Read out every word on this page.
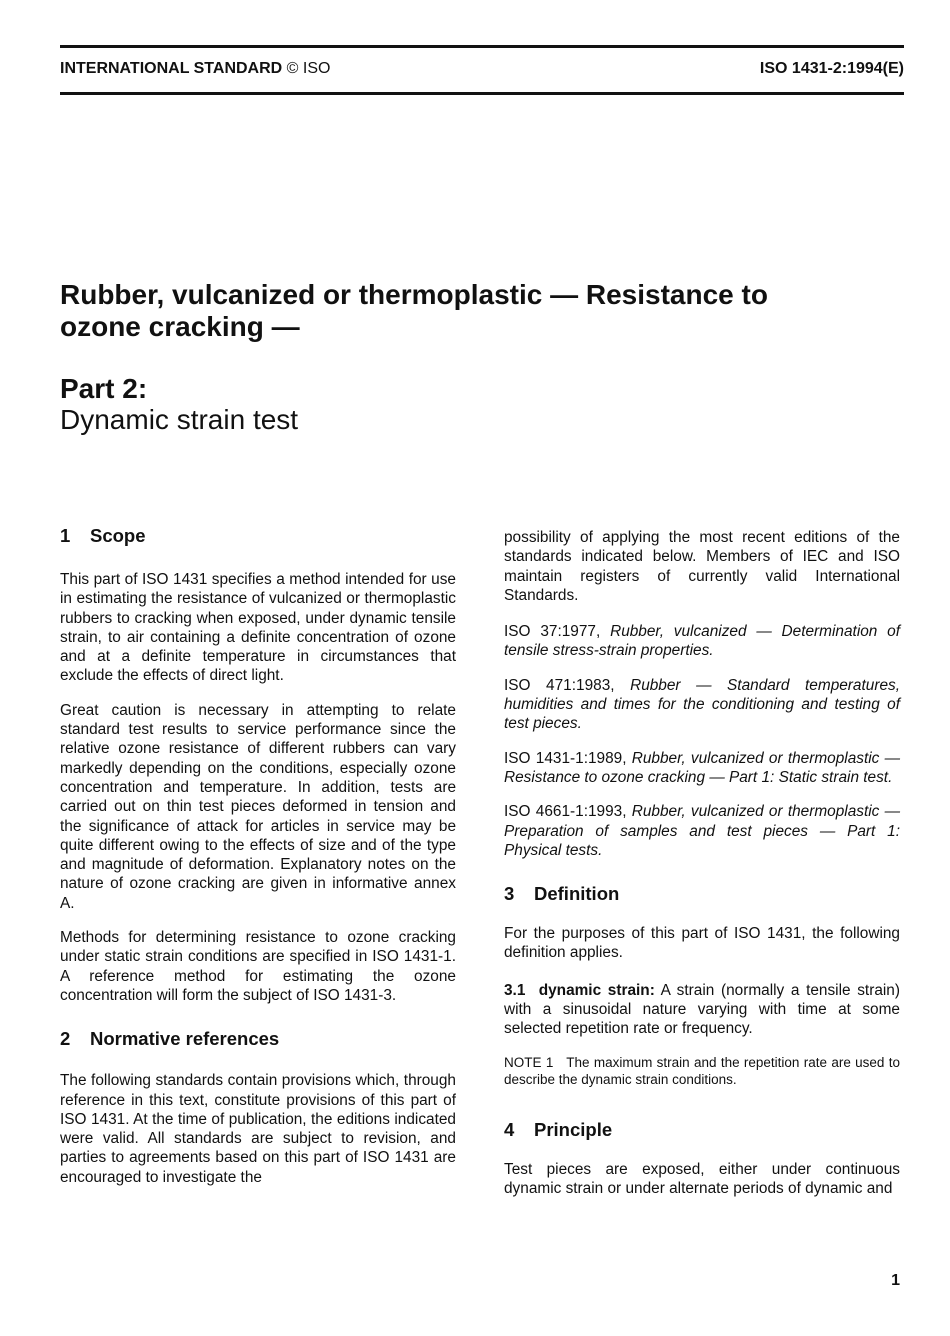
INTERNATIONAL STANDARD © ISO	ISO 1431-2:1994(E)
Rubber, vulcanized or thermoplastic — Resistance to
ozone cracking —
Part 2:
Dynamic strain test
1 Scope

This part of ISO 1431 specifies a method intended for use in estimating the resistance of vulcanized or thermoplastic rubbers to cracking when exposed, under dynamic tensile strain, to air containing a definite concentration of ozone and at a definite temperature in circumstances that exclude the effects of direct light.

Great caution is necessary in attempting to relate standard test results to service performance since the relative ozone resistance of different rubbers can vary markedly depending on the conditions, especially ozone concentration and temperature. In addition, tests are carried out on thin test pieces deformed in tension and the significance of attack for articles in service may be quite different owing to the effects of size and of the type and magnitude of deformation. Explanatory notes on the nature of ozone cracking are given in informative annex A.

Methods for determining resistance to ozone cracking under static strain conditions are specified in ISO 1431-1. A reference method for estimating the ozone concentration will form the subject of ISO 1431-3.

2 Normative references

The following standards contain provisions which, through reference in this text, constitute provisions of this part of ISO 1431. At the time of publication, the editions indicated were valid. All standards are subject to revision, and parties to agreements based on this part of ISO 1431 are encouraged to investigate the

possibility of applying the most recent editions of the standards indicated below. Members of IEC and ISO maintain registers of currently valid International Standards.

ISO 37:1977, Rubber, vulcanized — Determination of tensile stress-strain properties.

ISO 471:1983, Rubber — Standard temperatures, humidities and times for the conditioning and testing of test pieces.

ISO 1431-1:1989, Rubber, vulcanized or thermoplastic — Resistance to ozone cracking — Part 1: Static strain test.

ISO 4661-1:1993, Rubber, vulcanized or thermoplastic — Preparation of samples and test pieces — Part 1: Physical tests.

3 Definition

For the purposes of this part of ISO 1431, the following definition applies.

3.1 dynamic strain: A strain (normally a tensile strain) with a sinusoidal nature varying with time at some selected repetition rate or frequency.

NOTE 1 The maximum strain and the repetition rate are used to describe the dynamic strain conditions.

4 Principle

Test pieces are exposed, either under continuous dynamic strain or under alternate periods of dynamic and

1
